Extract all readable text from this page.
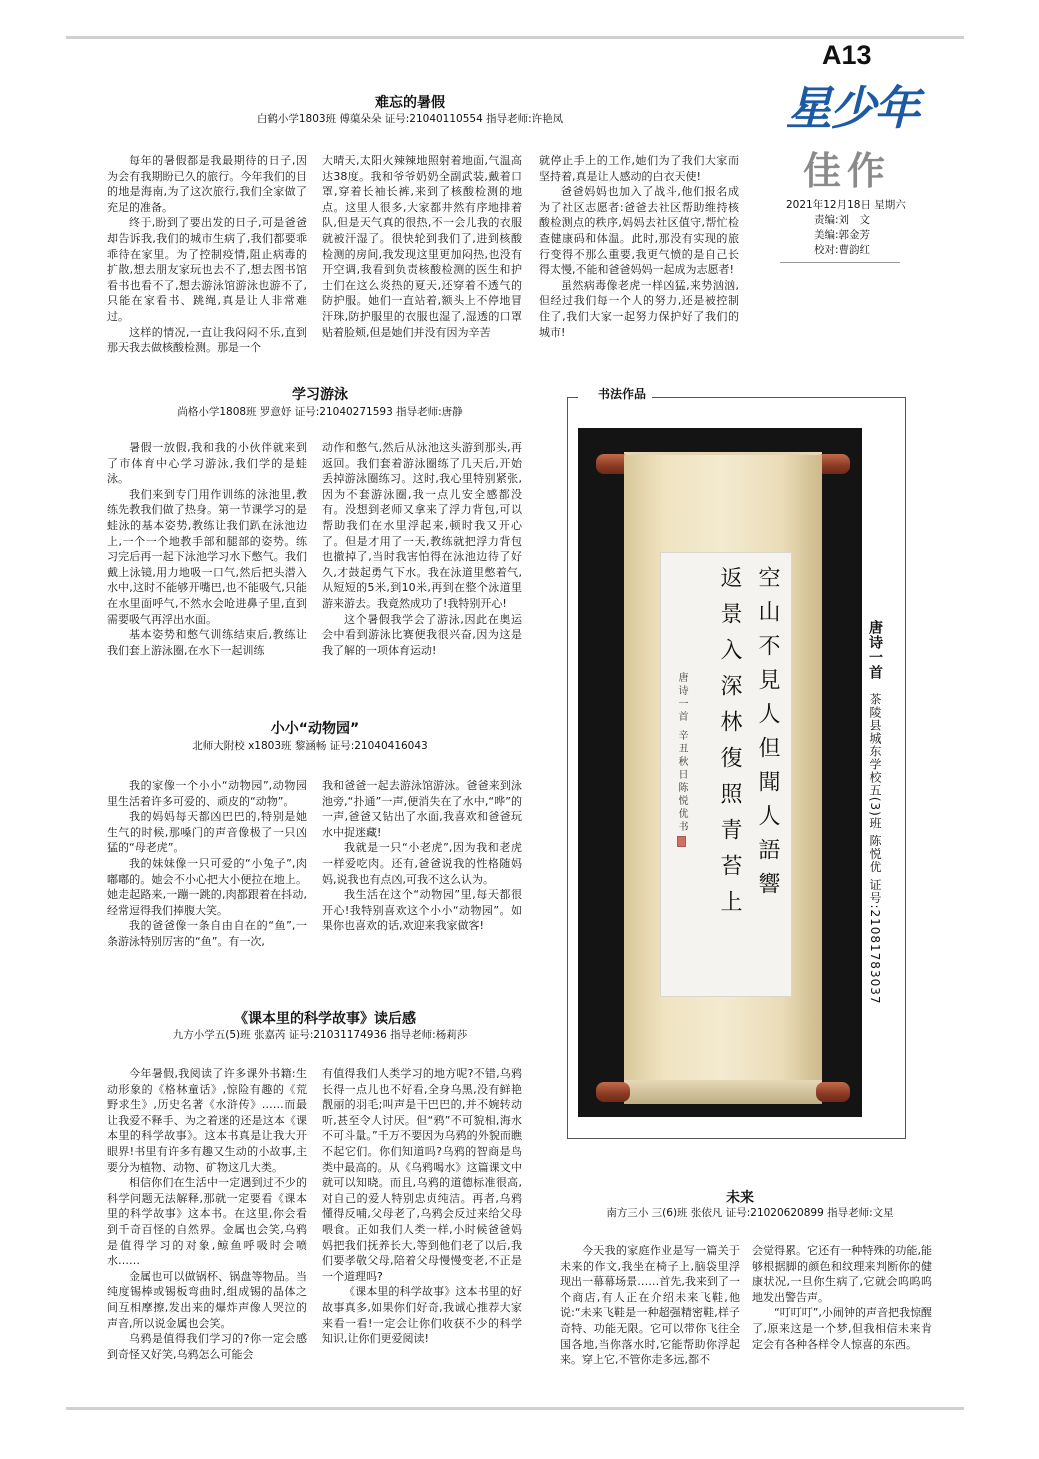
A13
星少年
佳作
2021年12月18日 星期六
责编:刘　文
美编:郭金芳
校对:曹韵红
难忘的暑假
白鹤小学1803班 傅蕖朵朵 证号:21040110554 指导老师:许艳凤

每年的暑假都是我最期待的日子,因为会有我期盼已久的旅行。今年我们的目的地是海南,为了这次旅行,我们全家做了充足的准备。

终于,盼到了要出发的日子,可是爸爸却告诉我,我们的城市生病了,我们都要乖乖待在家里。为了控制疫情,阻止病毒的扩散,想去朋友家玩也去不了,想去图书馆看书也看不了,想去游泳馆游泳也游不了,只能在家看书、跳绳,真是让人非常难过。

这样的情况,一直让我闷闷不乐,直到那天我去做核酸检测。那是一个

大晴天,太阳火辣辣地照射着地面,气温高达38度。我和爷爷奶奶全副武装,戴着口罩,穿着长袖长裤,来到了核酸检测的地点。这里人很多,大家都井然有序地排着队,但是天气真的很热,不一会儿我的衣服就被汗湿了。很快轮到我们了,进到核酸检测的房间,我发现这里更加闷热,也没有开空调,我看到负责核酸检测的医生和护士们在这么炎热的夏天,还穿着不透气的防护服。她们一直站着,额头上不停地冒汗珠,防护服里的衣服也湿了,湿透的口罩贴着脸颊,但是她们并没有因为辛苦

就停止手上的工作,她们为了我们大家而坚持着,真是让人感动的白衣天使!

爸爸妈妈也加入了战斗,他们报名成为了社区志愿者:爸爸去社区帮助维持核酸检测点的秩序,妈妈去社区值守,帮忙检查健康码和体温。此时,那没有实现的旅行变得不那么重要,我更气愤的是自己长得太慢,不能和爸爸妈妈一起成为志愿者!

虽然病毒像老虎一样凶猛,来势汹汹,但经过我们每一个人的努力,还是被控制住了,我们大家一起努力保护好了我们的城市!

学习游泳
尚格小学1808班 罗意妤 证号:21040271593 指导老师:唐静

暑假一放假,我和我的小伙伴就来到了市体育中心学习游泳,我们学的是蛙泳。

我们来到专门用作训练的泳池里,教练先教我们做了热身。第一节课学习的是蛙泳的基本姿势,教练让我们趴在泳池边上,一个一个地教手部和腿部的姿势。练习完后再一起下泳池学习水下憋气。我们戴上泳镜,用力地吸一口气,然后把头潜入水中,这时不能够开嘴巴,也不能吸气,只能在水里面呼气,不然水会呛进鼻子里,直到需要吸气再浮出水面。

基本姿势和憋气训练结束后,教练让我们套上游泳圈,在水下一起训练

动作和憋气,然后从泳池这头游到那头,再返回。我们套着游泳圈练了几天后,开始丢掉游泳圈练习。这时,我心里特别紧张,因为不套游泳圈,我一点儿安全感都没有。没想到老师又拿来了浮力背包,可以帮助我们在水里浮起来,顿时我又开心了。但是才用了一天,教练就把浮力背包也撤掉了,当时我害怕得在泳池边待了好久,才鼓起勇气下水。我在泳道里憋着气,从短短的5米,到10米,再到在整个泳道里游来游去。我竟然成功了!我特别开心!

这个暑假我学会了游泳,因此在奥运会中看到游泳比赛便我很兴奋,因为这是我了解的一项体育运动!

小小“动物园”
北师大附校 x1803班 黎涵畅 证号:21040416043

我的家像一个小小“动物园”,动物园里生活着许多可爱的、顽皮的“动物”。

我的妈妈每天都凶巴巴的,特别是她生气的时候,那嗓门的声音像极了一只凶猛的“母老虎”。

我的妹妹像一只可爱的“小兔子”,肉嘟嘟的。她会不小心把大小便拉在地上。她走起路来,一蹦一跳的,肉都跟着在抖动,经常逗得我们捧腹大笑。

我的爸爸像一条自由自在的“鱼”,一条游泳特别厉害的“鱼”。有一次,

我和爸爸一起去游泳馆游泳。爸爸来到泳池旁,“扑通”一声,便消失在了水中,“哗”的一声,爸爸又钻出了水面,我喜欢和爸爸玩水中捉迷藏!

我就是一只“小老虎”,因为我和老虎一样爱吃肉。还有,爸爸说我的性格随妈妈,说我也有点凶,可我不这么认为。

我生活在这个“动物园”里,每天都很开心!我特别喜欢这个小小“动物园”。如果你也喜欢的话,欢迎来我家做客!

《课本里的科学故事》读后感
九方小学五(5)班 张嘉芮 证号:21031174936 指导老师:杨莉莎

今年暑假,我阅读了许多课外书籍:生动形象的《格林童话》,惊险有趣的《荒野求生》,历史名著《水浒传》……而最让我爱不释手、为之着迷的还是这本《课本里的科学故事》。这本书真是让我大开眼界!书里有许多有趣又生动的小故事,主要分为植物、动物、矿物这几大类。

相信你们在生活中一定遇到过不少的科学问题无法解释,那就一定要看《课本里的科学故事》这本书。在这里,你会看到千奇百怪的自然界。金属也会笑,乌鸦是值得学习的对象,鲸鱼呼吸时会喷水……

金属也可以做锅杯、锅盘等物品。当纯度锡棒或锡板弯曲时,组成锡的晶体之间互相摩擦,发出来的爆炸声像人哭泣的声音,所以说金属也会笑。

乌鸦是值得我们学习的?你一定会感到奇怪又好笑,乌鸦怎么可能会

有值得我们人类学习的地方呢?不错,乌鸦长得一点儿也不好看,全身乌黑,没有鲜艳靓丽的羽毛;叫声是干巴巴的,并不婉转动听,甚至令人讨厌。但“鸦”不可貌相,海水不可斗量。”千万不要因为乌鸦的外貌而瞧不起它们。你们知道吗?乌鸦的智商是鸟类中最高的。从《乌鸦喝水》这篇课文中就可以知晓。而且,乌鸦的道德标准很高,对自己的爱人特别忠贞纯洁。再者,乌鸦懂得反哺,父母老了,乌鸦会反过来给父母喂食。正如我们人类一样,小时候爸爸妈妈把我们抚养长大,等到他们老了以后,我们要孝敬父母,陪着父母慢慢变老,不正是一个道理吗?

《课本里的科学故事》这本书里的好故事真多,如果你们好奇,我诚心推荐大家来看一看!一定会让你们收获不少的科学知识,让你们更爱阅读!

未来
南方三小 三(6)班 张依凡 证号:21020620899 指导老师:文星

今天我的家庭作业是写一篇关于未来的作文,我坐在椅子上,脑袋里浮现出一幕幕场景……首先,我来到了一个商店,有人正在介绍未来飞鞋,他说:“未来飞鞋是一种超强精密鞋,样子奇特、功能无限。它可以带你飞往全国各地,当你落水时,它能帮助你浮起来。穿上它,不管你走多远,都不

会觉得累。它还有一种特殊的功能,能够根据脚的颜色和纹理来判断你的健康状况,一旦你生病了,它就会呜呜呜地发出警告声。

“叮叮叮”,小闹钟的声音把我惊醒了,原来这是一个梦,但我相信未来肯定会有各种各样令人惊喜的东西。

书法作品
空山不見人但聞人語響
返景入深林復照青苔上
唐诗一首 辛丑秋日陈悦优书
唐诗一首 茶陵县城东学校五(3)班 陈悦优 证号:21081783037
